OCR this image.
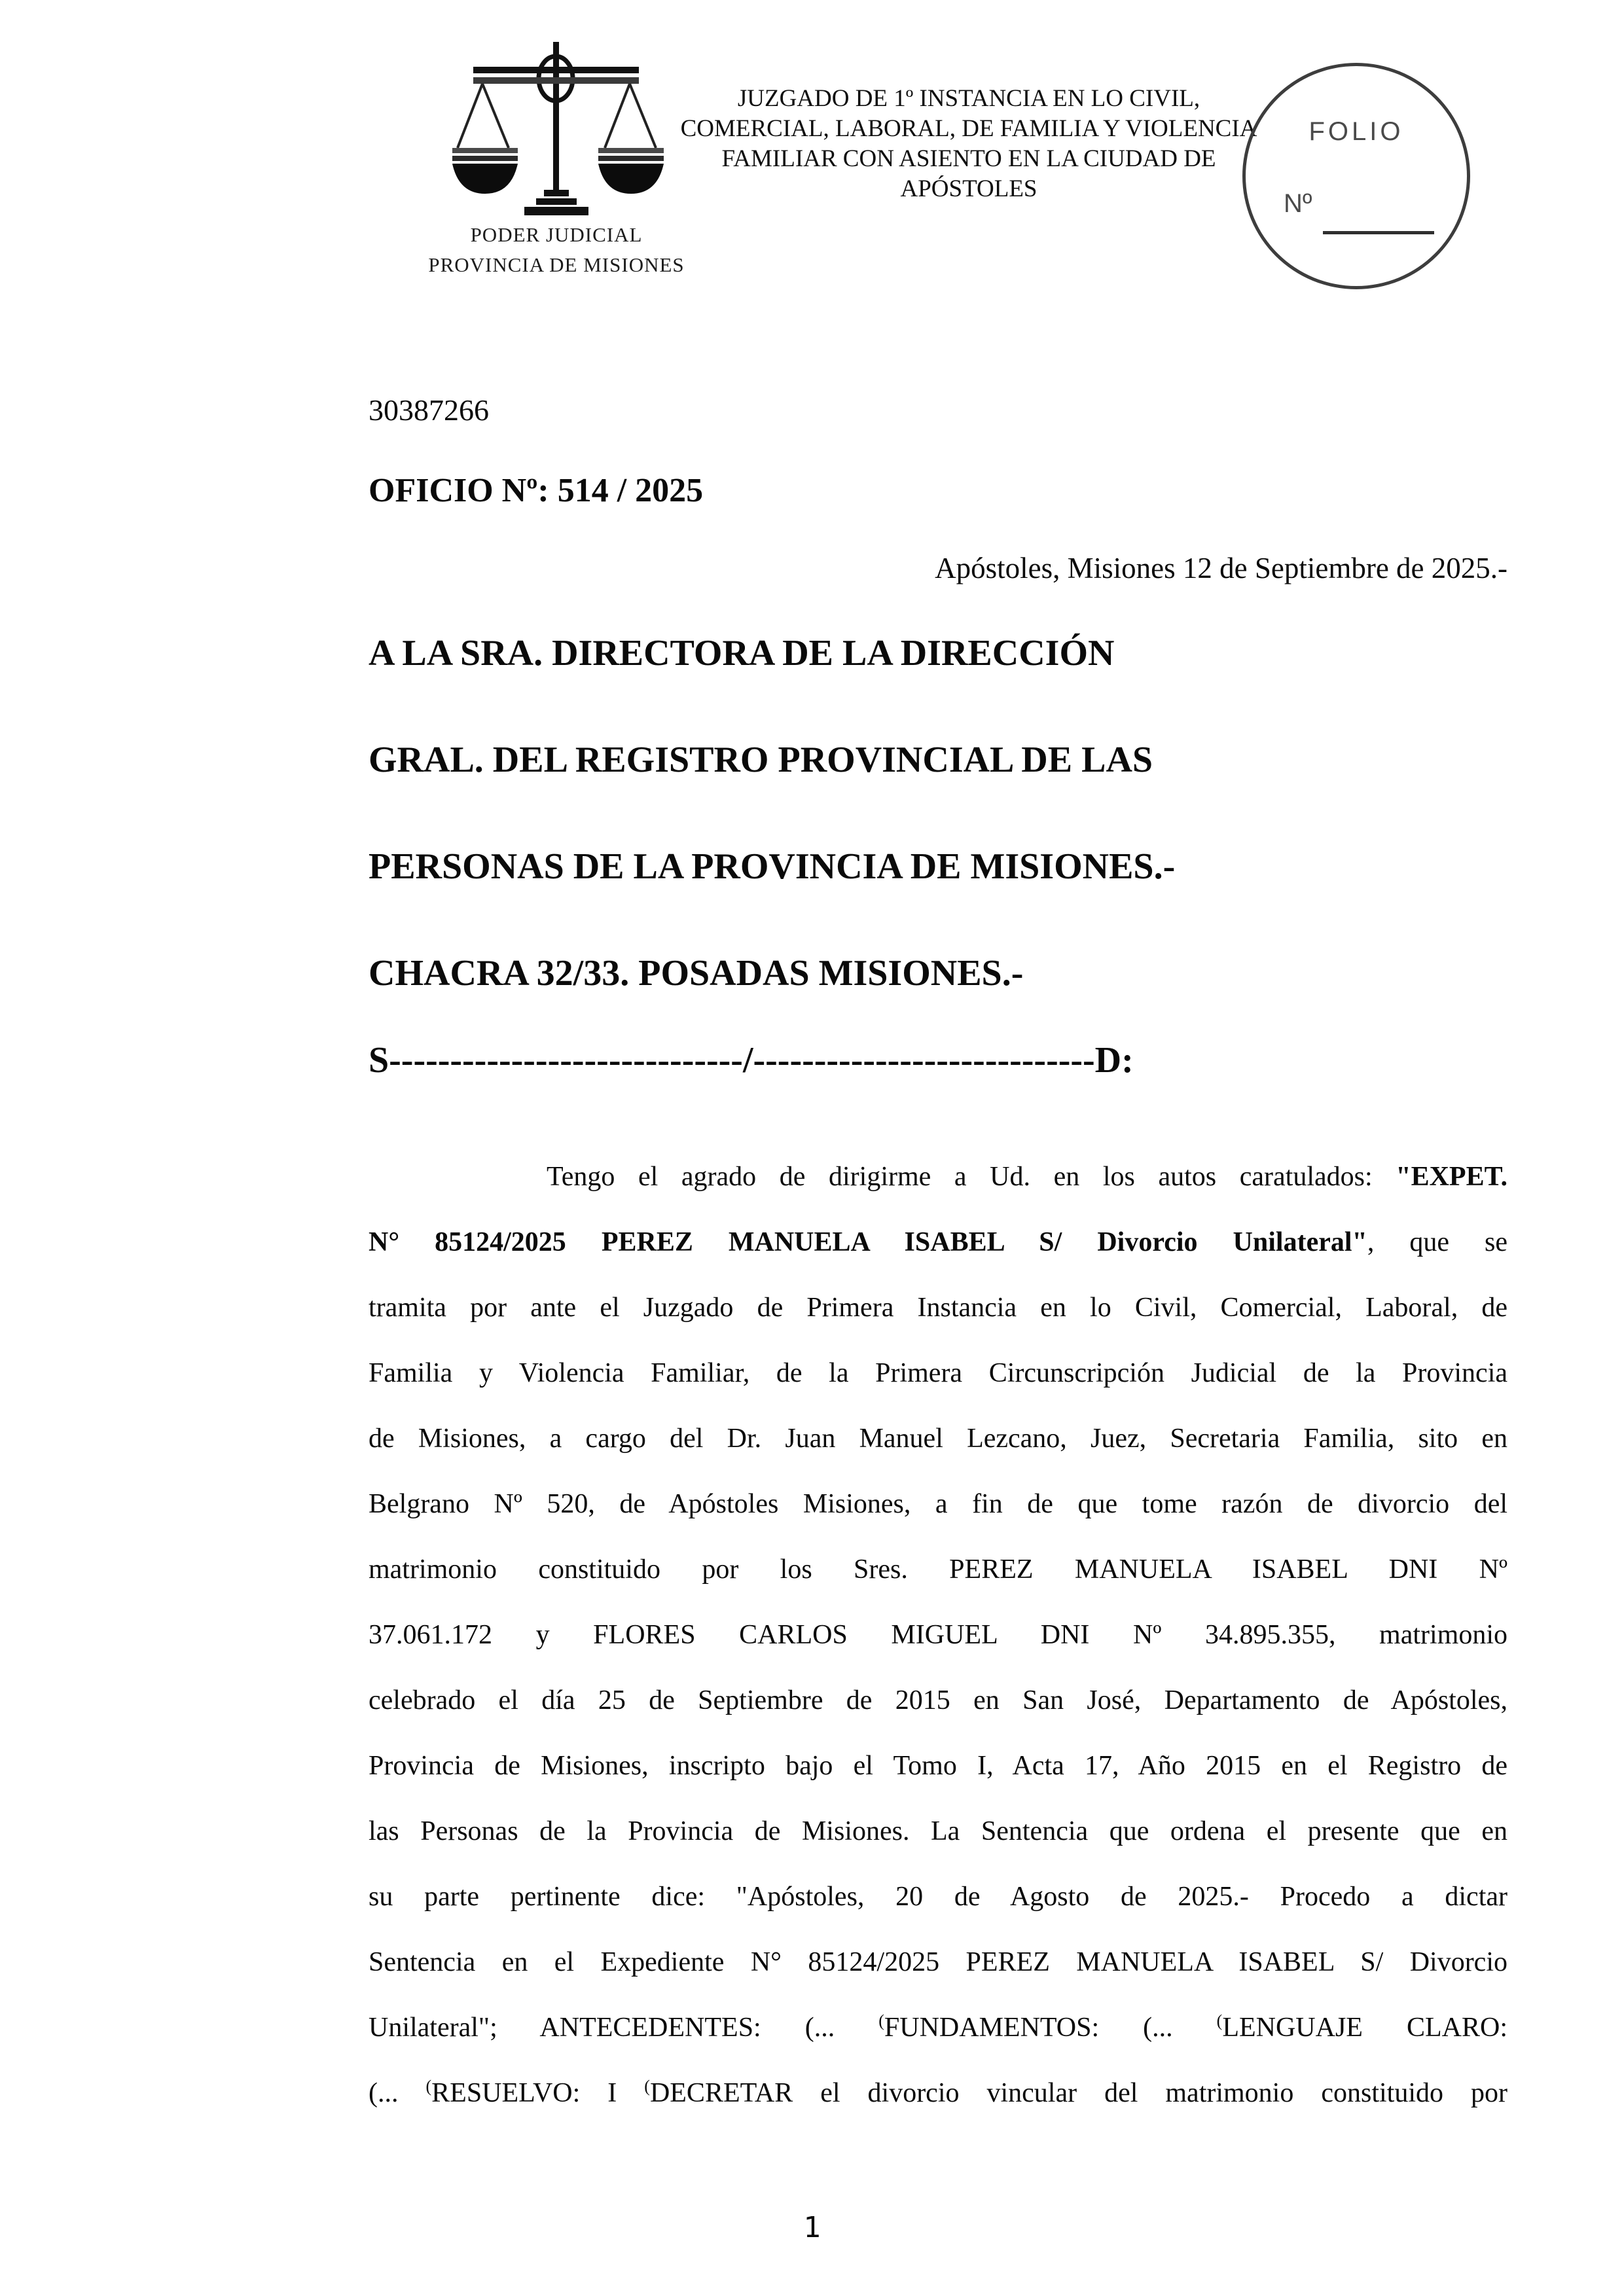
PODER JUDICIAL
PROVINCIA DE MISIONES
JUZGADO DE 1º INSTANCIA EN LO CIVIL,
COMERCIAL, LABORAL, DE FAMILIA Y VIOLENCIA
FAMILIAR CON ASIENTO EN LA CIUDAD DE
APÓSTOLES
FOLIO
Nº
30387266
OFICIO Nº: 514 / 2025
Apóstoles, Misiones 12 de Septiembre de 2025.-
A LA SRA. DIRECTORA DE LA DIRECCIÓN
GRAL. DEL REGISTRO PROVINCIAL DE LAS
PERSONAS DE LA PROVINCIA DE MISIONES.-
CHACRA 32/33. POSADAS MISIONES.-
S-----------------------------/----------------------------D:
Tengo el agrado de dirigirme a Ud. en los autos caratulados: "EXPET.
N° 85124/2025 PEREZ MANUELA ISABEL S/ Divorcio Unilateral", que se
tramita por ante el Juzgado de Primera Instancia en lo Civil, Comercial, Laboral, de
Familia y Violencia Familiar, de la Primera Circunscripción Judicial de la Provincia
de Misiones, a cargo del Dr. Juan Manuel Lezcano, Juez, Secretaria Familia, sito en
Belgrano Nº 520, de Apóstoles Misiones, a fin de que tome razón de divorcio del
matrimonio constituido por los Sres. PEREZ MANUELA ISABEL DNI Nº
37.061.172 y FLORES CARLOS MIGUEL DNI Nº 34.895.355, matrimonio
celebrado el día 25 de Septiembre de 2015 en San José, Departamento de Apóstoles,
Provincia de Misiones, inscripto bajo el Tomo I, Acta 17, Año 2015 en el Registro de
las Personas de la Provincia de Misiones. La Sentencia que ordena el presente que en
su parte pertinente dice: "Apóstoles, 20 de Agosto de 2025.- Procedo a dictar
Sentencia en el Expediente N° 85124/2025 PEREZ MANUELA ISABEL S/ Divorcio
Unilateral"; ANTECEDENTES: (... (FUNDAMENTOS: (... (LENGUAJE CLARO:
(... (RESUELVO: I (DECRETAR el divorcio vincular del matrimonio constituido por
1
